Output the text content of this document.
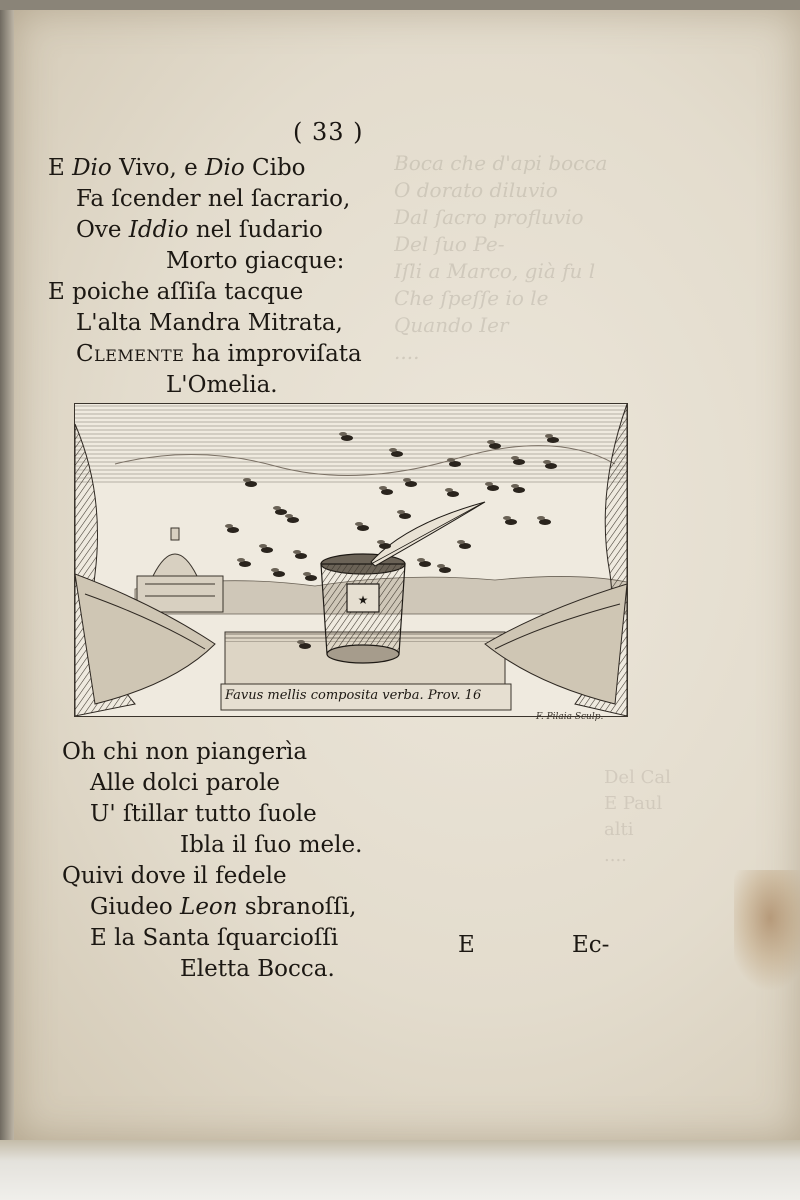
Boca che d'api bocca
O dorato diluvio
Dal ſacro profluvio
Del ſuo Pe-
Iſli a Marco, già fu l
Che ſpeſſe io le
Quando Ier
....
Del Cal
E Paul
alti
....
( 33 )
E Dio Vivo, e Dio Cibo
Fa ſcender nel ſacrario,
Ove Iddio nel ſudario
Morto giacque:
E poiche aſſiſa tacque
L'alta Mandra Mitrata,
Clemente ha improviſata
L'Omelia.
★
Favus mellis composita verba. Prov. 16
F. Pilaia Sculp.
Oh chi non piangerìa
Alle dolci parole
U' ſtillar tutto ſuole
Ibla il ſuo mele.
Quivi dove il fedele
Giudeo Leon sbranoſſi,
E la Santa ſquarcioſſi
Eletta Bocca.
E	Ec-
